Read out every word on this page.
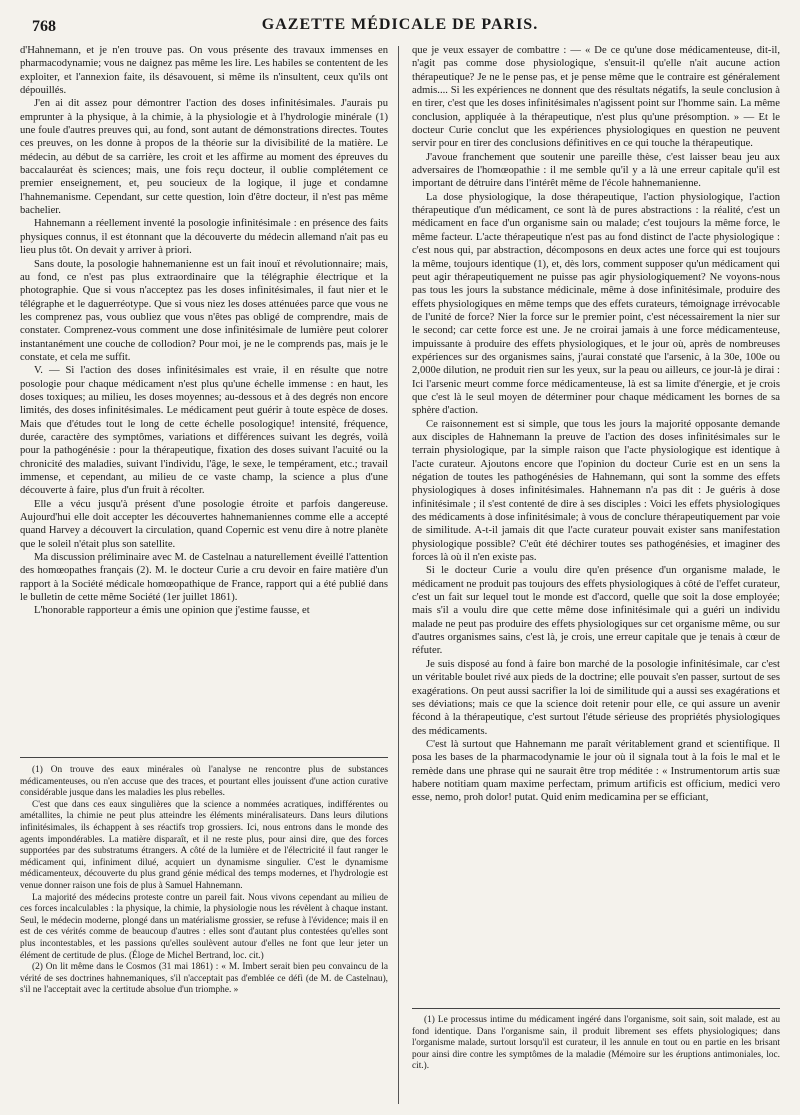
768	GAZETTE MÉDICALE DE PARIS.

d'Hahnemann, et je n'en trouve pas. On vous présente des travaux immenses en pharmacodynamie; vous ne daignez pas même les lire. Les habiles se contentent de les exploiter, et l'annexion faite, ils désavouent, si même ils n'insultent, ceux qu'ils ont dépouillés.

J'en ai dit assez pour démontrer l'action des doses infinitésimales. J'aurais pu emprunter à la physique, à la chimie, à la physiologie et à l'hydrologie minérale (1) une foule d'autres preuves qui, au fond, sont autant de démonstrations directes. Toutes ces preuves, on les donne à propos de la théorie sur la divisibilité de la matière. Le médecin, au début de sa carrière, les croit et les affirme au moment des épreuves du baccalauréat ès sciences; mais, une fois reçu docteur, il oublie complétement ce premier enseignement, et, peu soucieux de la logique, il juge et condamne l'hahnemanisme. Cependant, sur cette question, loin d'être docteur, il n'est pas même bachelier.

Hahnemann a réellement inventé la posologie infinitésimale : en présence des faits physiques connus, il est étonnant que la découverte du médecin allemand n'ait pas eu lieu plus tôt. On devait y arriver à priori.

Sans doute, la posologie hahnemanienne est un fait inouï et révolutionnaire; mais, au fond, ce n'est pas plus extraordinaire que la télégraphie électrique et la photographie. Que si vous n'acceptez pas les doses infinitésimales, il faut nier et le télégraphe et le daguerréotype. Que si vous niez les doses atténuées parce que vous ne les comprenez pas, vous oubliez que vous n'êtes pas obligé de comprendre, mais de constater. Comprenez-vous comment une dose infinitésimale de lumière peut colorer instantanément une couche de collodion? Pour moi, je ne le comprends pas, mais je le constate, et cela me suffit.

V. — Si l'action des doses infinitésimales est vraie, il en résulte que notre posologie pour chaque médicament n'est plus qu'une échelle immense : en haut, les doses toxiques; au milieu, les doses moyennes; au-dessous et à des degrés non encore limités, des doses infinitésimales. Le médicament peut guérir à toute espèce de doses. Mais que d'études tout le long de cette échelle posologique! intensité, fréquence, durée, caractère des symptômes, variations et différences suivant les degrés, voilà pour la pathogénésie : pour la thérapeutique, fixation des doses suivant l'acuité ou la chronicité des maladies, suivant l'individu, l'âge, le sexe, le tempérament, etc.; travail immense, et cependant, au milieu de ce vaste champ, la science a plus d'une découverte à faire, plus d'un fruit à récolter.

Elle a vécu jusqu'à présent d'une posologie étroite et parfois dangereuse. Aujourd'hui elle doit accepter les découvertes hahnemaniennes comme elle a accepté quand Harvey a découvert la circulation, quand Copernic est venu dire à notre planète que le soleil n'était plus son satellite.

Ma discussion préliminaire avec M. de Castelnau a naturellement éveillé l'attention des homœopathes français (2). M. le docteur Curie a cru devoir en faire matière d'un rapport à la Société médicale homœopathique de France, rapport qui a été publié dans le bulletin de cette même Société (1er juillet 1861).

L'honorable rapporteur a émis une opinion que j'estime fausse, et

(1) On trouve des eaux minérales où l'analyse ne rencontre plus de substances médicamenteuses, ou n'en accuse que des traces, et pourtant elles jouissent d'une action curative considérable jusque dans les maladies les plus rebelles.

C'est que dans ces eaux singulières que la science a nommées acratiques, indifférentes ou amétallites, la chimie ne peut plus atteindre les éléments minéralisateurs. Dans leurs dilutions infinitésimales, ils échappent à ses réactifs trop grossiers. Ici, nous entrons dans le monde des agents impondérables. La matière disparaît, et il ne reste plus, pour ainsi dire, que des forces supportées par des substratums étrangers. A côté de la lumière et de l'électricité il faut ranger le médicament qui, infiniment dilué, acquiert un dynamisme singulier. C'est le dynamisme médicamenteux, découverte du plus grand génie médical des temps modernes, et l'hydrologie est venue donner raison une fois de plus à Samuel Hahnemann.

La majorité des médecins proteste contre un pareil fait. Nous vivons cependant au milieu de ces forces incalculables : la physique, la chimie, la physiologie nous les révèlent à chaque instant. Seul, le médecin moderne, plongé dans un matérialisme grossier, se refuse à l'évidence; mais il en est de ces vérités comme de beaucoup d'autres : elles sont d'autant plus contestées qu'elles sont plus incontestables, et les passions qu'elles soulèvent autour d'elles ne font que leur jeter un élément de certitude de plus. (Éloge de Michel Bertrand, loc. cit.)

(2) On lit même dans le Cosmos (31 mai 1861) : « M. Imbert serait bien peu convaincu de la vérité de ses doctrines hahnemaniques, s'il n'acceptait pas d'emblée ce défi (de M. de Castelnau), s'il ne l'acceptait avec la certitude absolue d'un triomphe. »

que je veux essayer de combattre : — « De ce qu'une dose médicamenteuse, dit-il, n'agit pas comme dose physiologique, s'ensuit-il qu'elle n'ait aucune action thérapeutique? Je ne le pense pas, et je pense même que le contraire est généralement admis.... Si les expériences ne donnent que des résultats négatifs, la seule conclusion à en tirer, c'est que les doses infinitésimales n'agissent point sur l'homme sain. La même conclusion, appliquée à la thérapeutique, n'est plus qu'une présomption. » — Et le docteur Curie conclut que les expériences physiologiques en question ne peuvent servir pour en tirer des conclusions définitives en ce qui touche la thérapeutique.

J'avoue franchement que soutenir une pareille thèse, c'est laisser beau jeu aux adversaires de l'homœopathie : il me semble qu'il y a là une erreur capitale qu'il est important de détruire dans l'intérêt même de l'école hahnemanienne.

La dose physiologique, la dose thérapeutique, l'action physiologique, l'action thérapeutique d'un médicament, ce sont là de pures abstractions : la réalité, c'est un médicament en face d'un organisme sain ou malade; c'est toujours la même force, le même facteur. L'acte thérapeutique n'est pas au fond distinct de l'acte physiologique : c'est nous qui, par abstraction, décomposons en deux actes une force qui est toujours la même, toujours identique (1), et, dès lors, comment supposer qu'un médicament qui peut agir thérapeutiquement ne puisse pas agir physiologiquement? Ne voyons-nous pas tous les jours la substance médicinale, même à dose infinitésimale, produire des effets physiologiques en même temps que des effets curateurs, témoignage irrévocable de l'unité de force? Nier la force sur le premier point, c'est nécessairement la nier sur le second; car cette force est une. Je ne croirai jamais à une force médicamenteuse, impuissante à produire des effets physiologiques, et le jour où, après de nombreuses expériences sur des organismes sains, j'aurai constaté que l'arsenic, à la 30e, 100e ou 2,000e dilution, ne produit rien sur les yeux, sur la peau ou ailleurs, ce jour-là je dirai : Ici l'arsenic meurt comme force médicamenteuse, là est sa limite d'énergie, et je crois que c'est là le seul moyen de déterminer pour chaque médicament les bornes de sa sphère d'action.

Ce raisonnement est si simple, que tous les jours la majorité opposante demande aux disciples de Hahnemann la preuve de l'action des doses infinitésimales sur le terrain physiologique, par la simple raison que l'acte physiologique est identique à l'acte curateur. Ajoutons encore que l'opinion du docteur Curie est en un sens la négation de toutes les pathogénésies de Hahnemann, qui sont la somme des effets physiologiques à doses infinitésimales. Hahnemann n'a pas dit : Je guéris à dose infinitésimale ; il s'est contenté de dire à ses disciples : Voici les effets physiologiques des médicaments à dose infinitésimale; à vous de conclure thérapeutiquement par voie de similitude. A-t-il jamais dit que l'acte curateur pouvait exister sans manifestation physiologique possible? C'eût été déchirer toutes ses pathogénésies, et imaginer des forces là où il n'en existe pas.

Si le docteur Curie a voulu dire qu'en présence d'un organisme malade, le médicament ne produit pas toujours des effets physiologiques à côté de l'effet curateur, c'est un fait sur lequel tout le monde est d'accord, quelle que soit la dose employée; mais s'il a voulu dire que cette même dose infinitésimale qui a guéri un individu malade ne peut pas produire des effets physiologiques sur cet organisme même, ou sur d'autres organismes sains, c'est là, je crois, une erreur capitale que je tenais à cœur de réfuter.

Je suis disposé au fond à faire bon marché de la posologie infinitésimale, car c'est un véritable boulet rivé aux pieds de la doctrine; elle pouvait s'en passer, surtout de ses exagérations. On peut aussi sacrifier la loi de similitude qui a aussi ses exagérations et ses déviations; mais ce que la science doit retenir pour elle, ce qui assure un avenir fécond à la thérapeutique, c'est surtout l'étude sérieuse des propriétés physiologiques des médicaments.

C'est là surtout que Hahnemann me paraît véritablement grand et scientifique. Il posa les bases de la pharmacodynamie le jour où il signala tout à la fois le mal et le remède dans une phrase qui ne saurait être trop méditée : « Instrumentorum artis suæ habere notitiam quam maxime perfectam, primum artificis est officium, medici vero esse, nemo, proh dolor! putat. Quid enim medicamina per se efficiant,

(1) Le processus intime du médicament ingéré dans l'organisme, soit sain, soit malade, est au fond identique. Dans l'organisme sain, il produit librement ses effets physiologiques; dans l'organisme malade, surtout lorsqu'il est curateur, il les annule en tout ou en partie en les brisant pour ainsi dire contre les symptômes de la maladie (Mémoire sur les éruptions antimoniales, loc. cit.).
